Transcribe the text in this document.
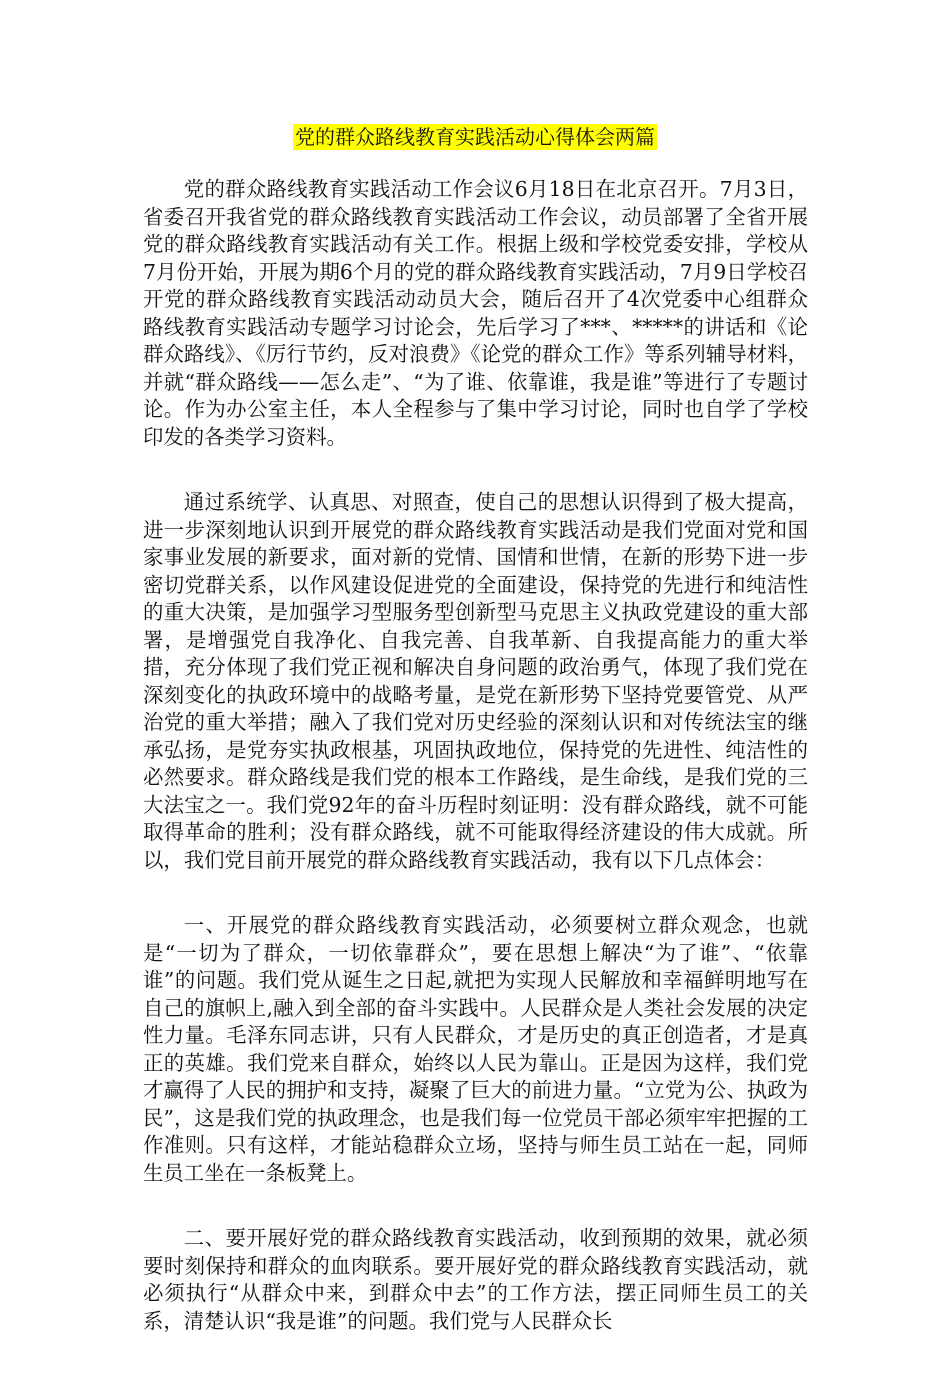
党的群众路线教育实践活动心得体会两篇

党的群众路线教育实践活动工作会议6月18日在北京召开。7月3日，省委召开我省党的群众路线教育实践活动工作会议，动员部署了全省开展党的群众路线教育实践活动有关工作。根据上级和学校党委安排，学校从7月份开始，开展为期6个月的党的群众路线教育实践活动，7月9日学校召开党的群众路线教育实践活动动员大会，随后召开了4次党委中心组群众路线教育实践活动专题学习讨论会，先后学习了***、*****的讲话和《论群众路线》、《厉行节约，反对浪费》《论党的群众工作》等系列辅导材料，并就“群众路线——怎么走”、“为了谁、依靠谁，我是谁”等进行了专题讨论。作为办公室主任，本人全程参与了集中学习讨论，同时也自学了学校印发的各类学习资料。

通过系统学、认真思、对照查，使自己的思想认识得到了极大提高，进一步深刻地认识到开展党的群众路线教育实践活动是我们党面对党和国家事业发展的新要求，面对新的党情、国情和世情，在新的形势下进一步密切党群关系，以作风建设促进党的全面建设，保持党的先进行和纯洁性的重大决策，是加强学习型服务型创新型马克思主义执政党建设的重大部署，是增强党自我净化、自我完善、自我革新、自我提高能力的重大举措，充分体现了我们党正视和解决自身问题的政治勇气，体现了我们党在深刻变化的执政环境中的战略考量，是党在新形势下坚持党要管党、从严治党的重大举措；融入了我们党对历史经验的深刻认识和对传统法宝的继承弘扬，是党夯实执政根基，巩固执政地位，保持党的先进性、纯洁性的必然要求。群众路线是我们党的根本工作路线，是生命线，是我们党的三大法宝之一。我们党92年的奋斗历程时刻证明：没有群众路线，就不可能取得革命的胜利；没有群众路线，就不可能取得经济建设的伟大成就。所以，我们党目前开展党的群众路线教育实践活动，我有以下几点体会：

一、开展党的群众路线教育实践活动，必须要树立群众观念，也就是“一切为了群众，一切依靠群众”，要在思想上解决“为了谁”、“依靠谁”的问题。我们党从诞生之日起,就把为实现人民解放和幸福鲜明地写在自己的旗帜上,融入到全部的奋斗实践中。人民群众是人类社会发展的决定性力量。毛泽东同志讲，只有人民群众，才是历史的真正创造者，才是真正的英雄。我们党来自群众，始终以人民为靠山。正是因为这样，我们党才赢得了人民的拥护和支持，凝聚了巨大的前进力量。“立党为公、执政为民”，这是我们党的执政理念，也是我们每一位党员干部必须牢牢把握的工作准则。只有这样，才能站稳群众立场，坚持与师生员工站在一起，同师生员工坐在一条板凳上。

二、要开展好党的群众路线教育实践活动，收到预期的效果，就必须要时刻保持和群众的血肉联系。要开展好党的群众路线教育实践活动，就必须执行“从群众中来，到群众中去”的工作方法，摆正同师生员工的关系，清楚认识“我是谁”的问题。我们党与人民群众长
